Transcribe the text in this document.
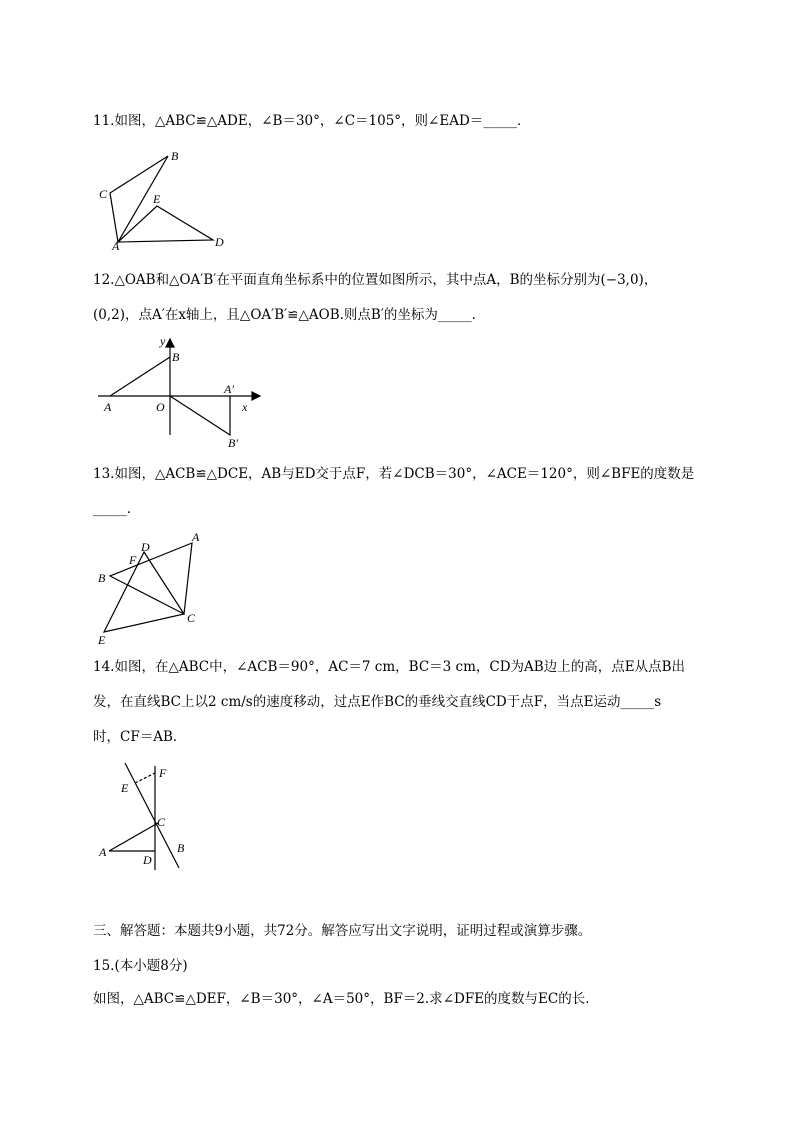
11.如图，△ABC≌△ADE，∠B＝30°，∠C＝105°，则∠EAD＝_____．
B
C	E
A	D
12.△OAB和△OA′B′在平面直角坐标系中的位置如图所示，其中点A，B的坐标分别为(−3,0)，
(0,2)，点A′在x轴上，且△OA′B′≌△AOB.则点B′的坐标为_____．
y
B
A	O
A′
x
B′
13.如图，△ACB≌△DCE，AB与ED交于点F，若∠DCB＝30°，∠ACE＝120°，则∠BFE的度数是
_____．
A
D
F
B
C
E
14.如图，在△ABC中，∠ACB＝90°，AC＝7 cm，BC＝3 cm，CD为AB边上的高，点E从点B出
发，在直线BC上以2 cm/s的速度移动，过点E作BC的垂线交直线CD于点F，当点E运动_____s
时，CF＝AB．
F
E
C
A	B
D
三、解答题：本题共9小题，共72分。解答应写出文字说明，证明过程或演算步骤。
15.(本小题8分)
如图，△ABC≌△DEF，∠B＝30°，∠A＝50°，BF＝2.求∠DFE的度数与EC的长．
